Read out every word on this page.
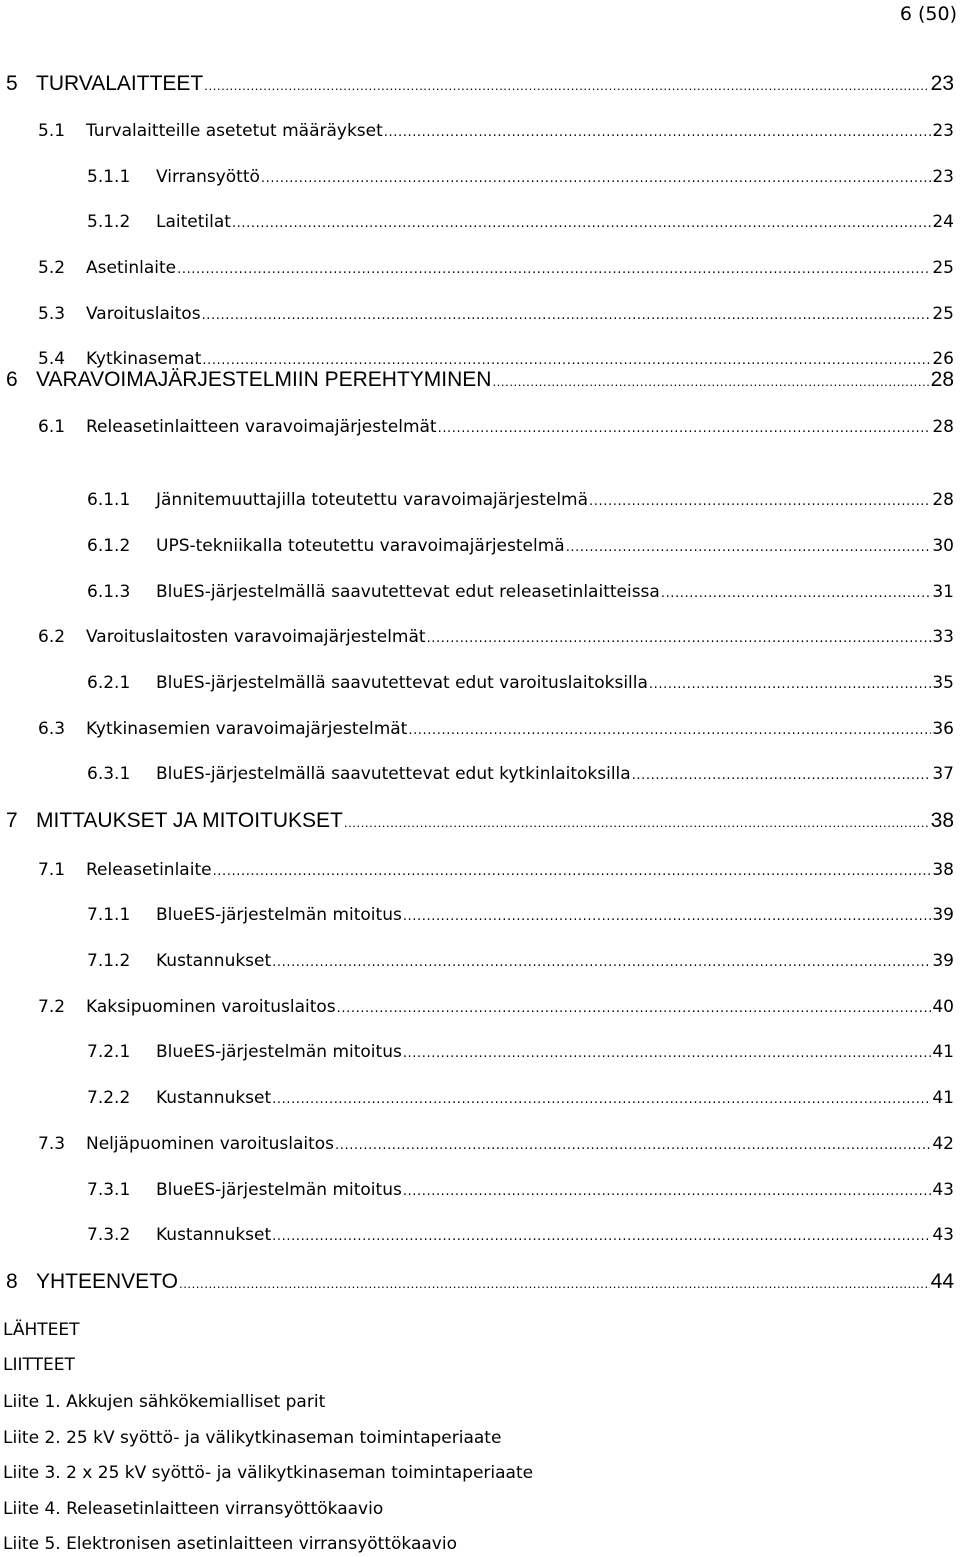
6 (50)
5 TURVALAITTEET .....	23
5.1	Turvalaitteille asetetut määräykset .....	23
5.1.1	Virransyöttö .....	23
5.1.2	Laitetilat .....	24
5.2	Asetinlaite .....	25
5.3	Varoituslaitos .....	25
5.4	Kytkinasemat .....	26
6 VARAVOIMAJÄRJESTELMIIN PEREHTYMINEN .....	28
6.1	Releasetinlaitteen varavoimajärjestelmät .....	28
6.1.1	Jännitemuuttajilla toteutettu varavoimajärjestelmä .....	28
6.1.2	UPS-tekniikalla toteutettu varavoimajärjestelmä .....	30
6.1.3	BluES-järjestelmällä saavutettevat edut releasetinlaitteissa .....	31
6.2	Varoituslaitosten varavoimajärjestelmät .....	33
6.2.1	BluES-järjestelmällä saavutettevat edut varoituslaitoksilla .....	35
6.3	Kytkinasemien varavoimajärjestelmät .....	36
6.3.1	BluES-järjestelmällä saavutettevat edut kytkinlaitoksilla .....	37
7 MITTAUKSET JA MITOITUKSET .....	38
7.1	Releasetinlaite .....	38
7.1.1	BlueES-järjestelmän mitoitus .....	39
7.1.2	Kustannukset .....	39
7.2	Kaksipuominen varoituslaitos .....	40
7.2.1	BlueES-järjestelmän mitoitus .....	41
7.2.2	Kustannukset .....	41
7.3	Neljäpuominen varoituslaitos .....	42
7.3.1	BlueES-järjestelmän mitoitus .....	43
7.3.2	Kustannukset .....	43
8 YHTEENVETO .....	44
LÄHTEET
LIITTEET
Liite 1. Akkujen sähkökemialliset parit
Liite 2. 25 kV syöttö- ja välikytkinaseman toimintaperiaate
Liite 3. 2 x 25 kV syöttö- ja välikytkinaseman toimintaperiaate
Liite 4. Releasetinlaitteen virransyöttökaavio
Liite 5. Elektronisen asetinlaitteen virransyöttökaavio
